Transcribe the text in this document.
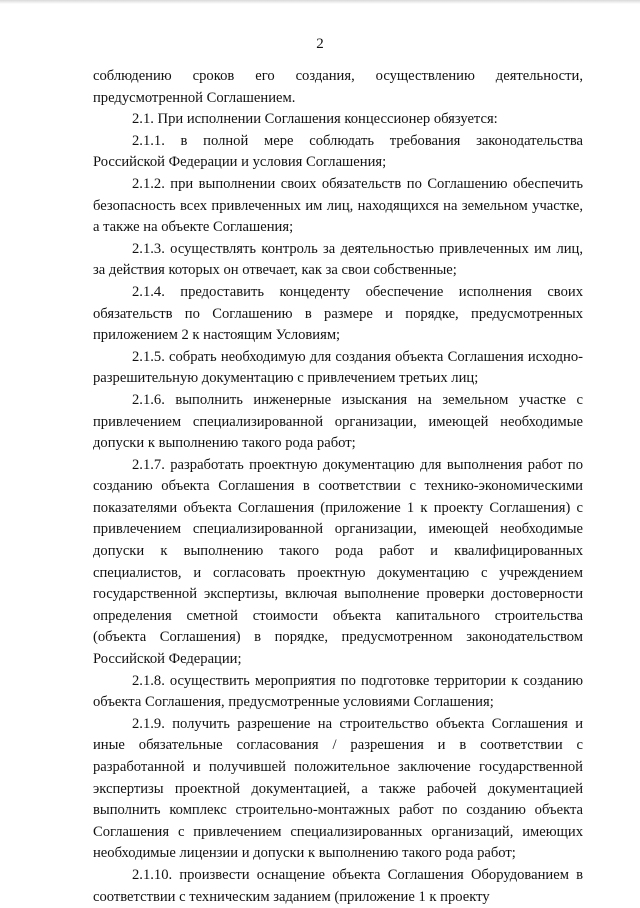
2

соблюдению сроков его создания, осуществлению деятельности, предусмотренной Соглашением.

2.1. При исполнении Соглашения концессионер обязуется:

2.1.1. в полной мере соблюдать требования законодательства Российской Федерации и условия Соглашения;

2.1.2. при выполнении своих обязательств по Соглашению обеспечить безопасность всех привлеченных им лиц, находящихся на земельном участке, а также на объекте Соглашения;

2.1.3. осуществлять контроль за деятельностью привлеченных им лиц, за действия которых он отвечает, как за свои собственные;

2.1.4. предоставить концеденту обеспечение исполнения своих обязательств по Соглашению в размере и порядке, предусмотренных приложением 2 к настоящим Условиям;

2.1.5. собрать необходимую для создания объекта Соглашения исходно-разрешительную документацию с привлечением третьих лиц;

2.1.6. выполнить инженерные изыскания на земельном участке с привлечением специализированной организации, имеющей необходимые допуски к выполнению такого рода работ;

2.1.7. разработать проектную документацию для выполнения работ по созданию объекта Соглашения в соответствии с технико-экономическими показателями объекта Соглашения (приложение 1 к проекту Соглашения) с привлечением специализированной организации, имеющей необходимые допуски к выполнению такого рода работ и квалифицированных специалистов, и согласовать проектную документацию с учреждением государственной экспертизы, включая выполнение проверки достоверности определения сметной стоимости объекта капитального строительства (объекта Соглашения) в порядке, предусмотренном законодательством Российской Федерации;

2.1.8. осуществить мероприятия по подготовке территории к созданию объекта Соглашения, предусмотренные условиями Соглашения;

2.1.9. получить разрешение на строительство объекта Соглашения и иные обязательные согласования / разрешения и в соответствии с разработанной и получившей положительное заключение государственной экспертизы проектной документацией, а также рабочей документацией выполнить комплекс строительно-монтажных работ по созданию объекта Соглашения с привлечением специализированных организаций, имеющих необходимые лицензии и допуски к выполнению такого рода работ;

2.1.10. произвести оснащение объекта Соглашения Оборудованием в соответствии с техническим заданием (приложение 1 к проекту
